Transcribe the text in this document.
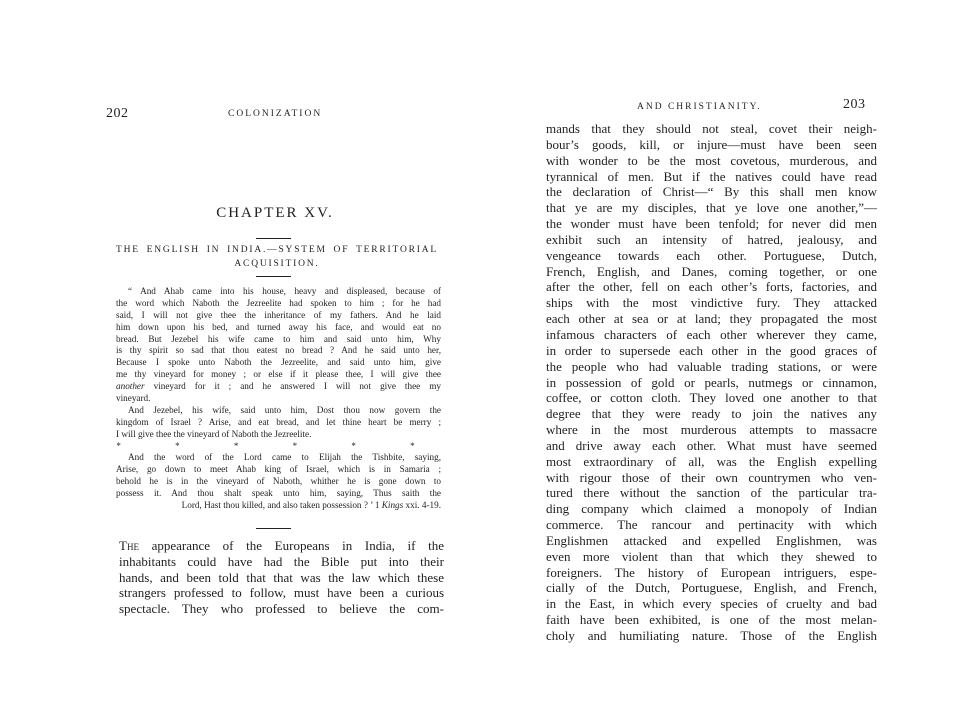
202	COLONIZATION
CHAPTER XV.
THE ENGLISH IN INDIA.—SYSTEM OF TERRITORIAL
ACQUISITION.
“ And Ahab came into his house, heavy and displeased, because of
the word which Naboth the Jezreelite had spoken to him ; for he had
said, I will not give thee the inheritance of my fathers. And he laid
him down upon his bed, and turned away his face, and would eat no
bread. But Jezebel his wife came to him and said unto him, Why
is thy spirit so sad that thou eatest no bread ? And he said unto her,
Because I spoke unto Naboth the Jezreelite, and said unto him, give
me thy vineyard for money ; or else if it please thee, I will give thee
another vineyard for it ; and he answered I will not give thee my
vineyard.
And Jezebel, his wife, said unto him, Dost thou now govern the
kingdom of Israel ? Arise, and eat bread, and let thine heart be merry ;
I will give thee the vineyard of Naboth the Jezreelite.
* * * * * *
And the word of the Lord came to Elijah the Tishbite, saying,
Arise, go down to meet Ahab king of Israel, which is in Samaria ;
behold he is in the vineyard of Naboth, whither he is gone down to
possess it. And thou shalt speak unto him, saying, Thus saith the
Lord, Hast thou killed, and also taken possession ? ’ 1 Kings xxi. 4-19.
The appearance of the Europeans in India, if the
inhabitants could have had the Bible put into their
hands, and been told that that was the law which these
strangers professed to follow, must have been a curious
spectacle. They who professed to believe the com-
AND CHRISTIANITY.	203
mands that they should not steal, covet their neigh-
bour’s goods, kill, or injure—must have been seen
with wonder to be the most covetous, murderous, and
tyrannical of men. But if the natives could have read
the declaration of Christ—“ By this shall men know
that ye are my disciples, that ye love one another,”—
the wonder must have been tenfold; for never did men
exhibit such an intensity of hatred, jealousy, and
vengeance towards each other. Portuguese, Dutch,
French, English, and Danes, coming together, or one
after the other, fell on each other’s forts, factories, and
ships with the most vindictive fury. They attacked
each other at sea or at land; they propagated the most
infamous characters of each other wherever they came,
in order to supersede each other in the good graces of
the people who had valuable trading stations, or were
in possession of gold or pearls, nutmegs or cinnamon,
coffee, or cotton cloth. They loved one another to that
degree that they were ready to join the natives any
where in the most murderous attempts to massacre
and drive away each other. What must have seemed
most extraordinary of all, was the English expelling
with rigour those of their own countrymen who ven-
tured there without the sanction of the particular tra-
ding company which claimed a monopoly of Indian
commerce. The rancour and pertinacity with which
Englishmen attacked and expelled Englishmen, was
even more violent than that which they shewed to
foreigners. The history of European intriguers, espe-
cially of the Dutch, Portuguese, English, and French,
in the East, in which every species of cruelty and bad
faith have been exhibited, is one of the most melan-
choly and humiliating nature. Those of the English
